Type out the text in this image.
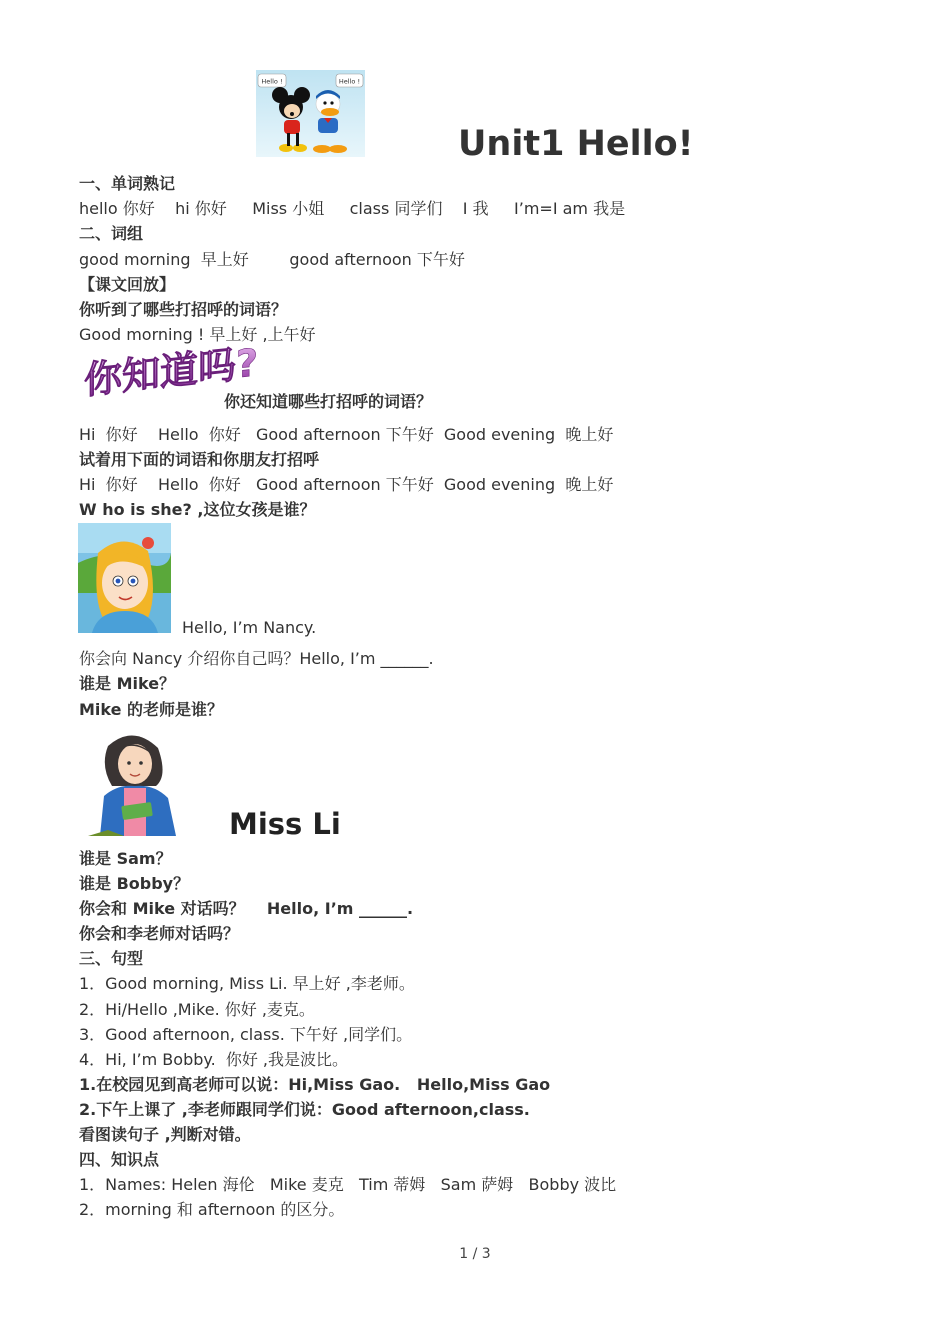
Hello !	Hello !
Unit1 Hello!
一、单词熟记
hello 你好    hi 你好     Miss 小姐     class 同学们    I 我     I’m=I am 我是
二、词组
good morning  早上好        good afternoon 下午好
【课文回放】
你听到了哪些打招呼的词语？
Good morning ! 早上好 ,上午好
你知道吗?
你还知道哪些打招呼的词语？
Hi  你好    Hello  你好   Good afternoon 下午好  Good evening  晚上好
试着用下面的词语和你朋友打招呼
Hi  你好    Hello  你好   Good afternoon 下午好  Good evening  晚上好
W ho is she? ,这位女孩是谁？
Hello, I’m Nancy.
你会向 Nancy 介绍你自己吗？Hello, I’m ______.
谁是 Mike？
Mike 的老师是谁？
Miss Li
谁是 Sam？
谁是 Bobby？
你会和 Mike 对话吗？    Hello, I’m ______.
你会和李老师对话吗？
三、句型
1．Good morning, Miss Li. 早上好 ,李老师。
2．Hi/Hello ,Mike. 你好 ,麦克。
3．Good afternoon, class. 下午好 ,同学们。
4．Hi, I’m Bobby.  你好 ,我是波比。
1.在校园见到高老师可以说：Hi,Miss Gao.   Hello,Miss Gao
2.下午上课了 ,李老师跟同学们说：Good afternoon,class.
看图读句子 ,判断对错。
四、知识点
1．Names: Helen 海伦   Mike 麦克   Tim 蒂姆   Sam 萨姆   Bobby 波比
2．morning 和 afternoon 的区分。
1 / 3
